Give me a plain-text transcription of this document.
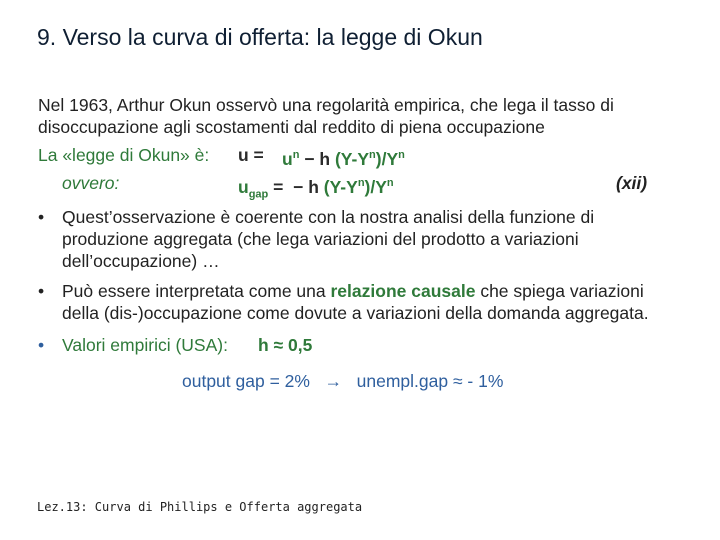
9. Verso la curva di offerta: la legge di Okun

Nel 1963, Arthur Okun osservò una regolarità empirica, che lega il tasso di disoccupazione agli scostamenti dal reddito di piena occupazione

La «legge di Okun» è: $u = u^n - h$ $(Y-Y^n)/Y^n$
ovvero:	$u_{gap}$ = − h $(Y-Y^n)/Y^n$	(xii)
• Quest’osservazione è coerente con la nostra analisi della funzione di produzione aggregata (che lega variazioni del prodotto a variazioni dell’occupazione) …
• Può essere interpretata come una relazione causale che spiega variazioni della (dis-)occupazione come dovute a variazioni della domanda aggregata.
• Valori empirici (USA): h ≈ 0,5
output gap = 2%   →   unempl.gap ≈ - 1%
Lez.13: Curva di Phillips e Offerta aggregata
